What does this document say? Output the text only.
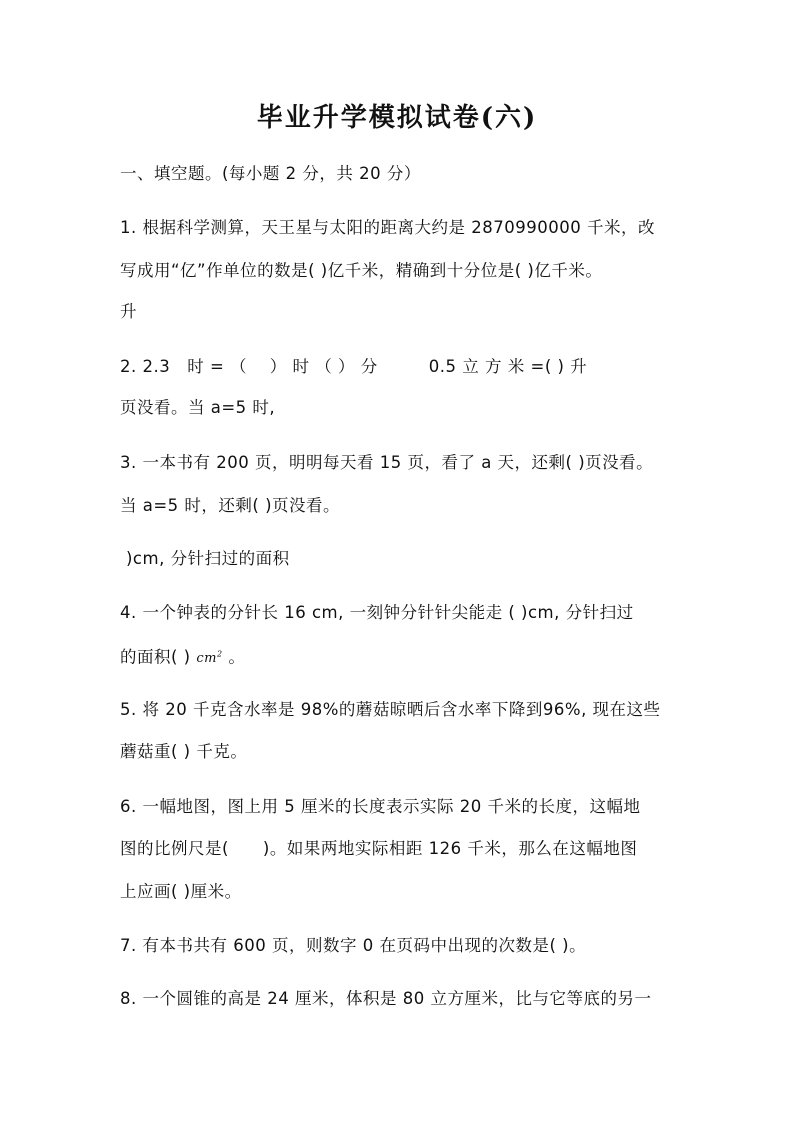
毕业升学模拟试卷(六)
一、填空题。(每小题 2 分，共 20 分）
1. 根据科学测算，天王星与太阳的距离大约是 2870990000 千米，改
写成用“亿”作单位的数是( )亿千米，精确到十分位是( )亿千米。
升
2. 2.3　时 = （　 ） 时 （ ） 分　　　0.5 立 方 米 =( ) 升
页没看。当 a=5 时,
3. 一本书有 200 页，明明每天看 15 页，看了 a 天，还剩( )页没看。
当 a=5 时，还剩( )页没看。
)cm, 分针扫过的面积
4. 一个钟表的分针长 16 cm, 一刻钟分针针尖能走 ( )cm, 分针扫过
的面积( ) $cm^2$ 。
5. 将 20 千克含水率是 98%的蘑菇晾晒后含水率下降到96%, 现在这些
蘑菇重( ) 千克。
6. 一幅地图，图上用 5 厘米的长度表示实际 20 千米的长度，这幅地
图的比例尺是(　　)。如果两地实际相距 126 千米，那么在这幅地图
上应画( )厘米。
7. 有本书共有 600 页，则数字 0 在页码中出现的次数是( )。
8. 一个圆锥的高是 24 厘米，体积是 80 立方厘米，比与它等底的另一
